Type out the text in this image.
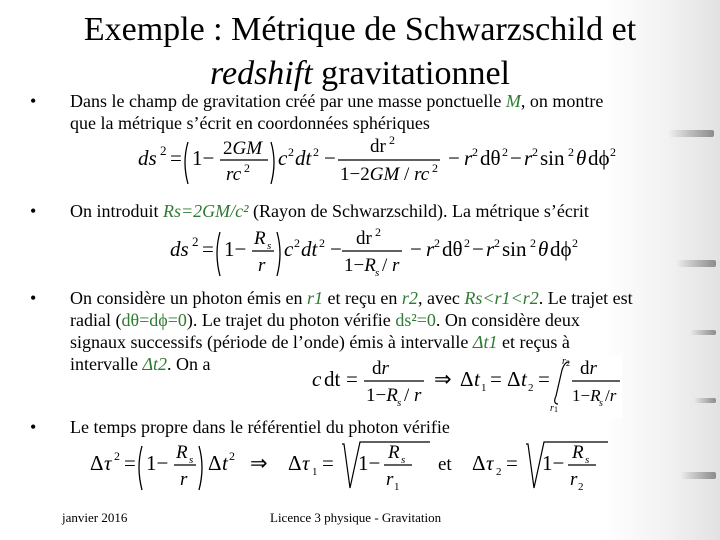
Exemple : Métrique de Schwarzschild et
redshift gravitationnel
• Dans le champ de gravitation créé par une masse ponctuelle M, on montre
que la métrique s’écrit en coordonnées sphériques
ds 2 = 1− 2GM
rc 2 c 2 dt 2 − dr 2
1−2GM / rc 2 − r 2 dθ 2 − r 2 sin 2 θ dϕ 2
• On introduit Rs=2GM/c² (Rayon de Schwarzschild). La métrique s’écrit
ds 2 = 1− R s
r
c 2 dt 2 − dr 2
1−R s / r
− r 2 dθ 2 − r 2 sin 2 θ dϕ 2
• On considère un photon émis en r1 et reçu en r2, avec Rs<r1<r2. Le trajet est
radial (dθ=dϕ=0). Le trajet du photon vérifie ds²=0. On considère deux
signaux successifs (période de l’onde) émis à intervalle Δt1 et reçus à
intervalle Δt2. On a
c dt = dr
1−R s / r
⇒ Δ t 1 = Δ t 2 =
r 2
r 1
dr
1−R
s /r
• Le temps propre dans le référentiel du photon vérifie
Δ τ 2 = 1− R s
r
Δ t 2 ⇒ Δ τ 1 = 1− R s
r 1
et Δ τ 2 = 1− R s
r 2
janvier 2016	Licence 3 physique - Gravitation
